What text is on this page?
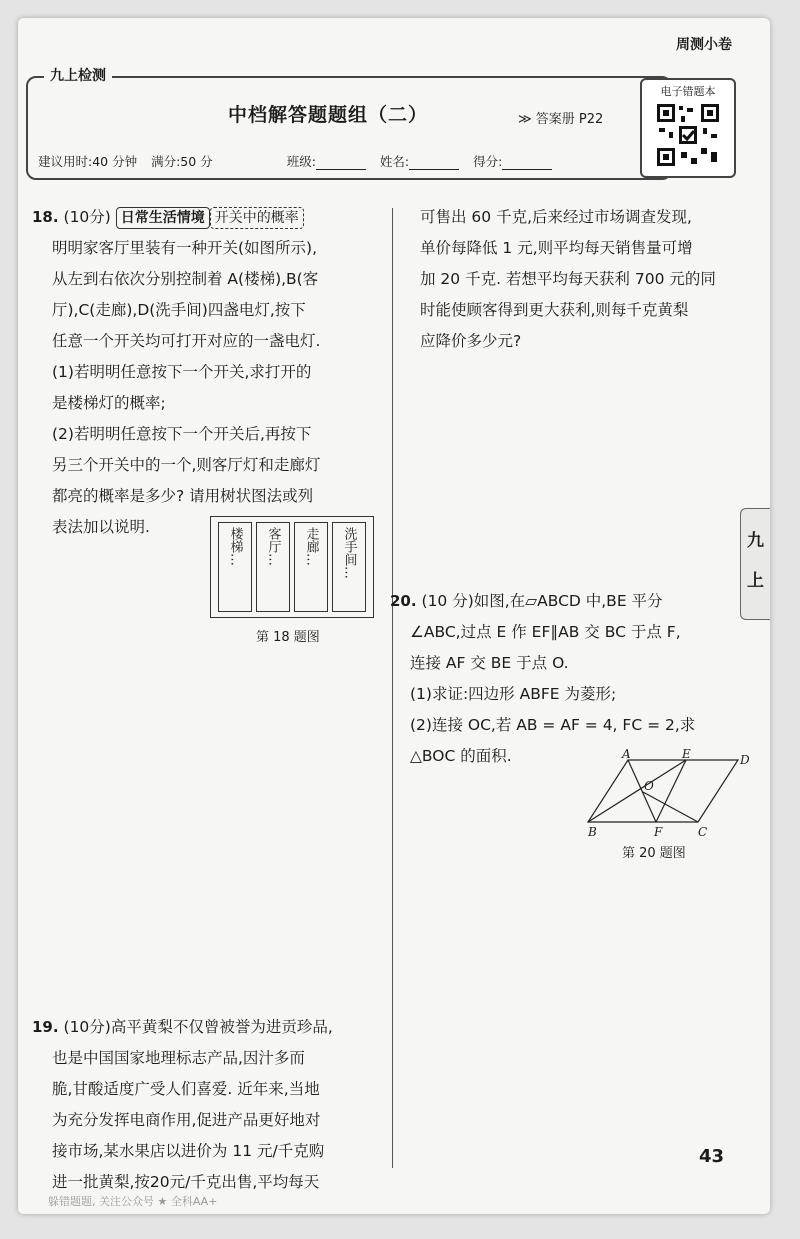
周测小卷
九上检测
中档解答题题组（二）	≫ 答案册 P22
建议用时:40 分钟 满分:50 分	班级:	姓名:	得分:
电子错题本
18. (10分) 日常生活情境 开关中的概率
明明家客厅里装有一种开关(如图所示),
从左到右依次分别控制着 A(楼梯),B(客
厅),C(走廊),D(洗手间)四盏电灯,按下
任意一个开关均可打开对应的一盏电灯.
(1)若明明任意按下一个开关,求打开的
是楼梯灯的概率;
(2)若明明任意按下一个开关后,再按下
另三个开关中的一个,则客厅灯和走廊灯
都亮的概率是多少? 请用树状图法或列
表法加以说明.	楼梯…	客厅…	走廊…	洗手间…
第 18 题图
19. (10分)高平黄梨不仅曾被誉为进贡珍品,
也是中国国家地理标志产品,因汁多而
脆,甘酸适度广受人们喜爱. 近年来,当地
为充分发挥电商作用,促进产品更好地对
接市场,某水果店以进价为 11 元/千克购
进一批黄梨,按20元/千克出售,平均每天
可售出 60 千克,后来经过市场调查发现,
单价每降低 1 元,则平均每天销售量可增
加 20 千克. 若想平均每天获利 700 元的同
时能使顾客得到更大获利,则每千克黄梨
应降价多少元?
20. (10 分)如图,在▱ABCD 中,BE 平分
∠ABC,过点 E 作 EF∥AB 交 BC 于点 F,
连接 AF 交 BE 于点 O.
(1)求证:四边形 ABFE 为菱形;
(2)连接 OC,若 AB = AF = 4, FC = 2,求
△BOC 的面积.	A	E	D
O
B	F	C
第 20 题图
九
上
43
躲错题题, 关注公众号 ★ 全科AA+
